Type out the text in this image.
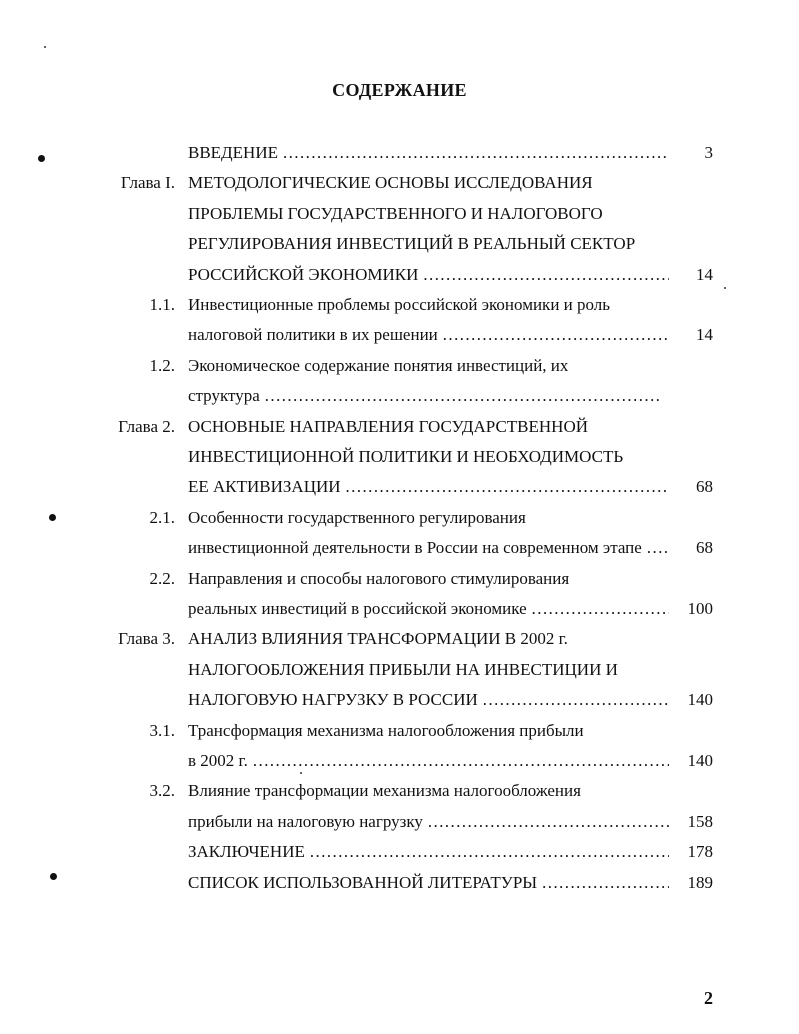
СОДЕРЖАНИЕ
ВВЕДЕНИЕ ……………………………………………………………………………………………………………………………………………………………………	3
Глава I. МЕТОДОЛОГИЧЕСКИЕ ОСНОВЫ ИССЛЕДОВАНИЯ
ПРОБЛЕМЫ ГОСУДАРСТВЕННОГО И НАЛОГОВОГО
РЕГУЛИРОВАНИЯ ИНВЕСТИЦИЙ В РЕАЛЬНЫЙ СЕКТОР
РОССИЙСКОЙ ЭКОНОМИКИ ……………………………………………………………………………………………………………………………………………………………………	14
1.1. Инвестиционные проблемы российской экономики и роль
налоговой политики в их решении ……………………………………………………………………………………………………………………………………………………………………	14
1.2. Экономическое содержание понятия инвестиций, их
структура ……………………………………………………………………………………………………………………………………………………………………
Глава 2. ОСНОВНЫЕ НАПРАВЛЕНИЯ ГОСУДАРСТВЕННОЙ
ИНВЕСТИЦИОННОЙ ПОЛИТИКИ И НЕОБХОДИМОСТЬ
ЕЕ АКТИВИЗАЦИИ ……………………………………………………………………………………………………………………………………………………………………	68
2.1. Особенности государственного регулирования
инвестиционной деятельности в России на современном этапе ……………………………………………………………………………………………………………………………………………………………………	68
2.2. Направления и способы налогового стимулирования
реальных инвестиций в российской экономике ……………………………………………………………………………………………………………………………………………………………………	100
Глава 3. АНАЛИЗ ВЛИЯНИЯ ТРАНСФОРМАЦИИ В 2002 г.
НАЛОГООБЛОЖЕНИЯ ПРИБЫЛИ НА ИНВЕСТИЦИИ И
НАЛОГОВУЮ НАГРУЗКУ В РОССИИ ……………………………………………………………………………………………………………………………………………………………………	140
3.1. Трансформация механизма налогообложения прибыли
в 2002 г. ……………………………………………………………………………………………………………………………………………………………………	140
3.2. Влияние трансформации механизма налогообложения
прибыли на налоговую нагрузку ……………………………………………………………………………………………………………………………………………………………………	158
ЗАКЛЮЧЕНИЕ ……………………………………………………………………………………………………………………………………………………………………	178
СПИСОК ИСПОЛЬЗОВАННОЙ ЛИТЕРАТУРЫ ……………………………………………………………………………………………………………………………………………………………………	189
2
